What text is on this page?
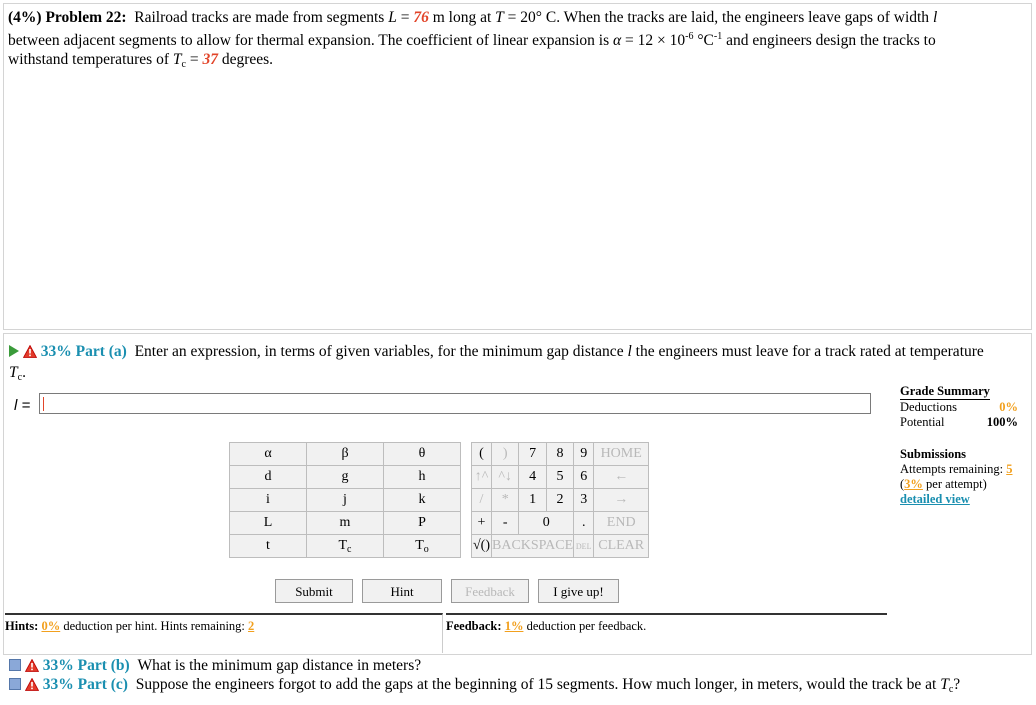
(4%) Problem 22: Railroad tracks are made from segments L = 76 m long at T = 20° C. When the tracks are laid, the engineers leave gaps of width l
between adjacent segments to allow for thermal expansion. The coefficient of linear expansion is $\alpha = 12 \times 10^{-6}$ $^\circ C^{-1}$ and engineers design the tracks to
withstand temperatures of $T_c = 37$ degrees.
33% Part (a) Enter an expression, in terms of given variables, for the minimum gap distance l the engineers must leave for a track rated at temperature
$T_c$.
l =
α	β	θ
d	g	h
i	j	k
L	m	P
t	$T_c$	$T_o$
(	)	7	8	9	HOME
↑^	^↓	4	5	6	←
/	*	1	2	3	→
+	-	0		.	END
√()	BACKSPACE			DEL	CLEAR
Submit	Hint	Feedback	I give up!
Grade Summary
Deductions	0%
Potential	100%
Submissions
Attempts remaining: 5
(3% per attempt)
detailed view
Hints: 0% deduction per hint. Hints remaining: 2	Feedback: 1% deduction per feedback.
33% Part (b) What is the minimum gap distance in meters?
33% Part (c) Suppose the engineers forgot to add the gaps at the beginning of 15 segments. How much longer, in meters, would the track be at $T_c$?
